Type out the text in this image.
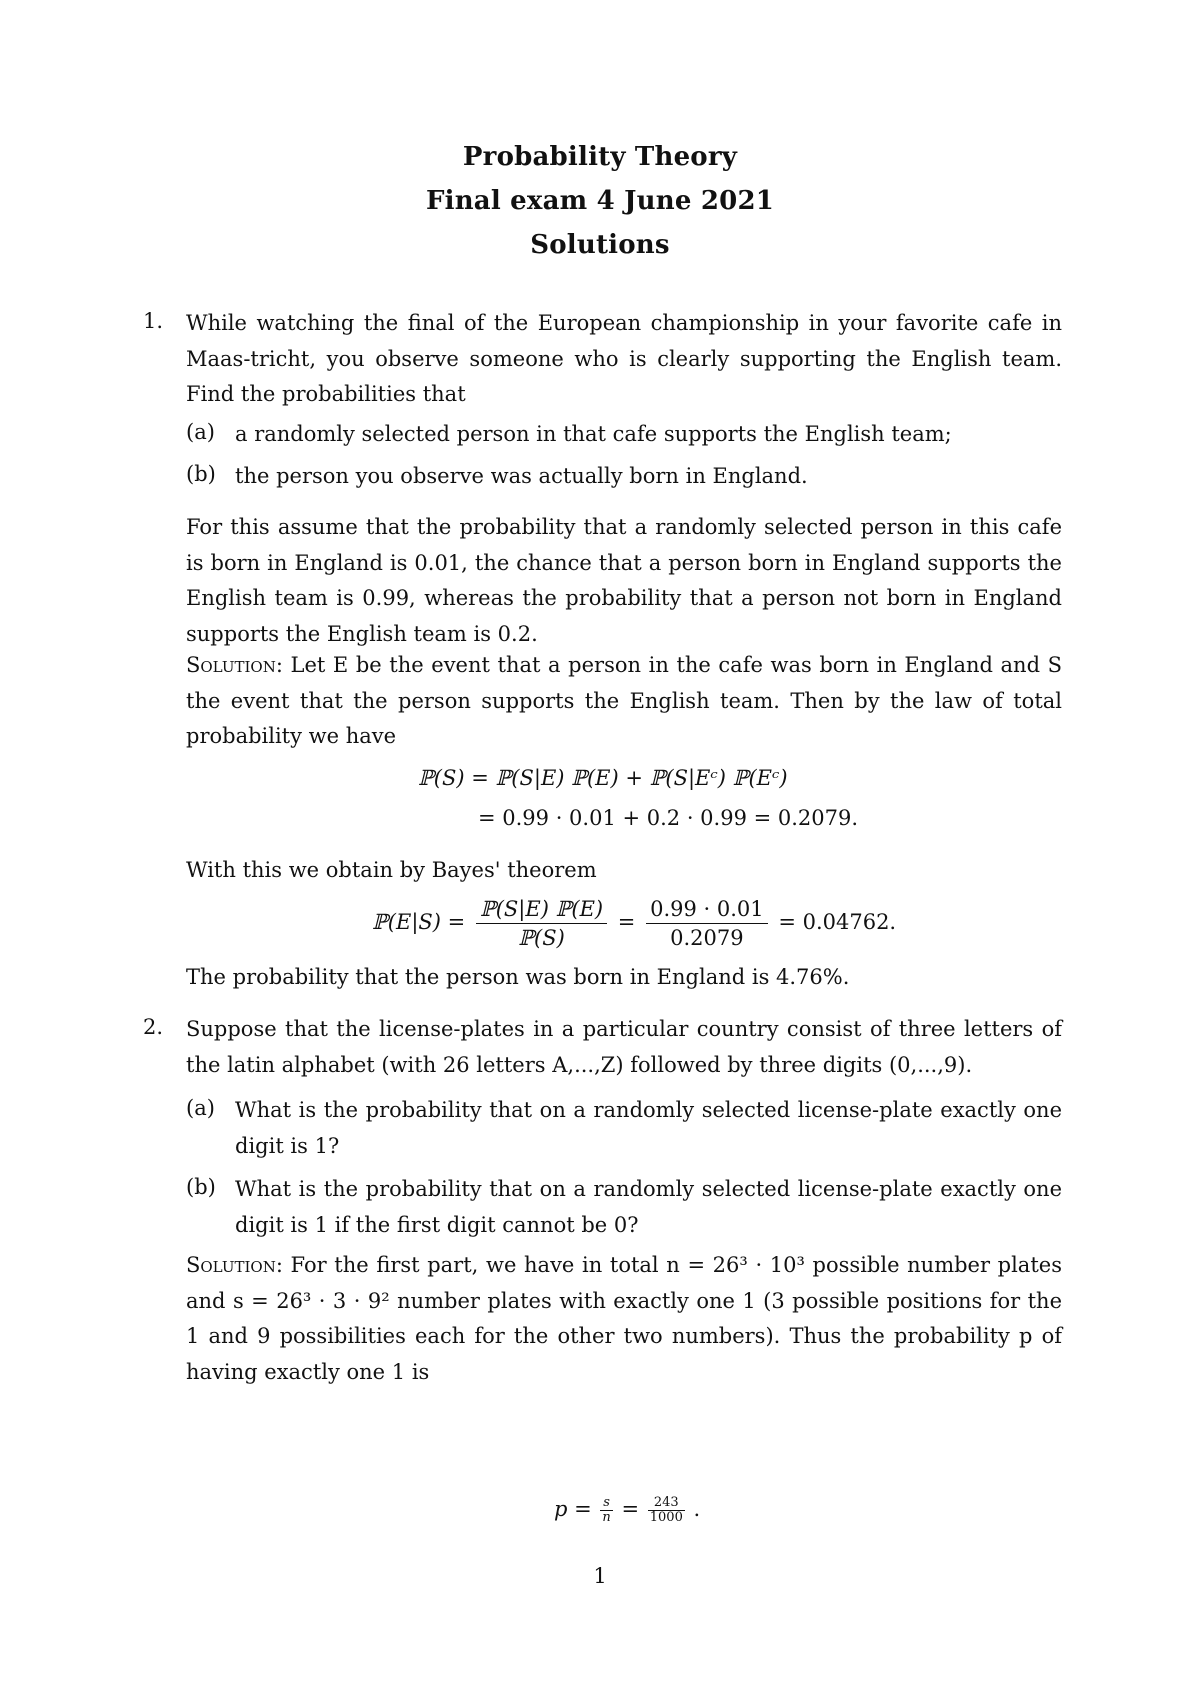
Probability Theory
Final exam 4 June 2021
Solutions
1. While watching the final of the European championship in your favorite cafe in Maas-tricht, you observe someone who is clearly supporting the English team. Find the probabilities that
(a) a randomly selected person in that cafe supports the English team;
(b) the person you observe was actually born in England.
For this assume that the probability that a randomly selected person in this cafe is born in England is 0.01, the chance that a person born in England supports the English team is 0.99, whereas the probability that a person not born in England supports the English team is 0.2.
Solution: Let E be the event that a person in the cafe was born in England and S the event that the person supports the English team. Then by the law of total probability we have
ℙ(S) = ℙ(S|E) ℙ(E) + ℙ(S|Eᶜ) ℙ(Eᶜ)
= 0.99 · 0.01 + 0.2 · 0.99 = 0.2079.
With this we obtain by Bayes' theorem
ℙ(E|S) = $\frac{\text{ℙ(S|E) ℙ(E)}}{\text{ℙ(S)}} = \frac{0.99 \cdot 0.01}{0.2079} = 0.04762$.
The probability that the person was born in England is 4.76%.
2. Suppose that the license-plates in a particular country consist of three letters of the latin alphabet (with 26 letters A,...,Z) followed by three digits (0,...,9).
(a) What is the probability that on a randomly selected license-plate exactly one digit is 1?
(b) What is the probability that on a randomly selected license-plate exactly one digit is 1 if the first digit cannot be 0?
Solution: For the first part, we have in total n = 26³ · 10³ possible number plates and s = 26³ · 3 · 9² number plates with exactly one 1 (3 possible positions for the 1 and 9 possibilities each for the other two numbers). Thus the probability p of having exactly one 1 is
$p = \frac{s}{n} = \frac{243}{1000}$ .
1
